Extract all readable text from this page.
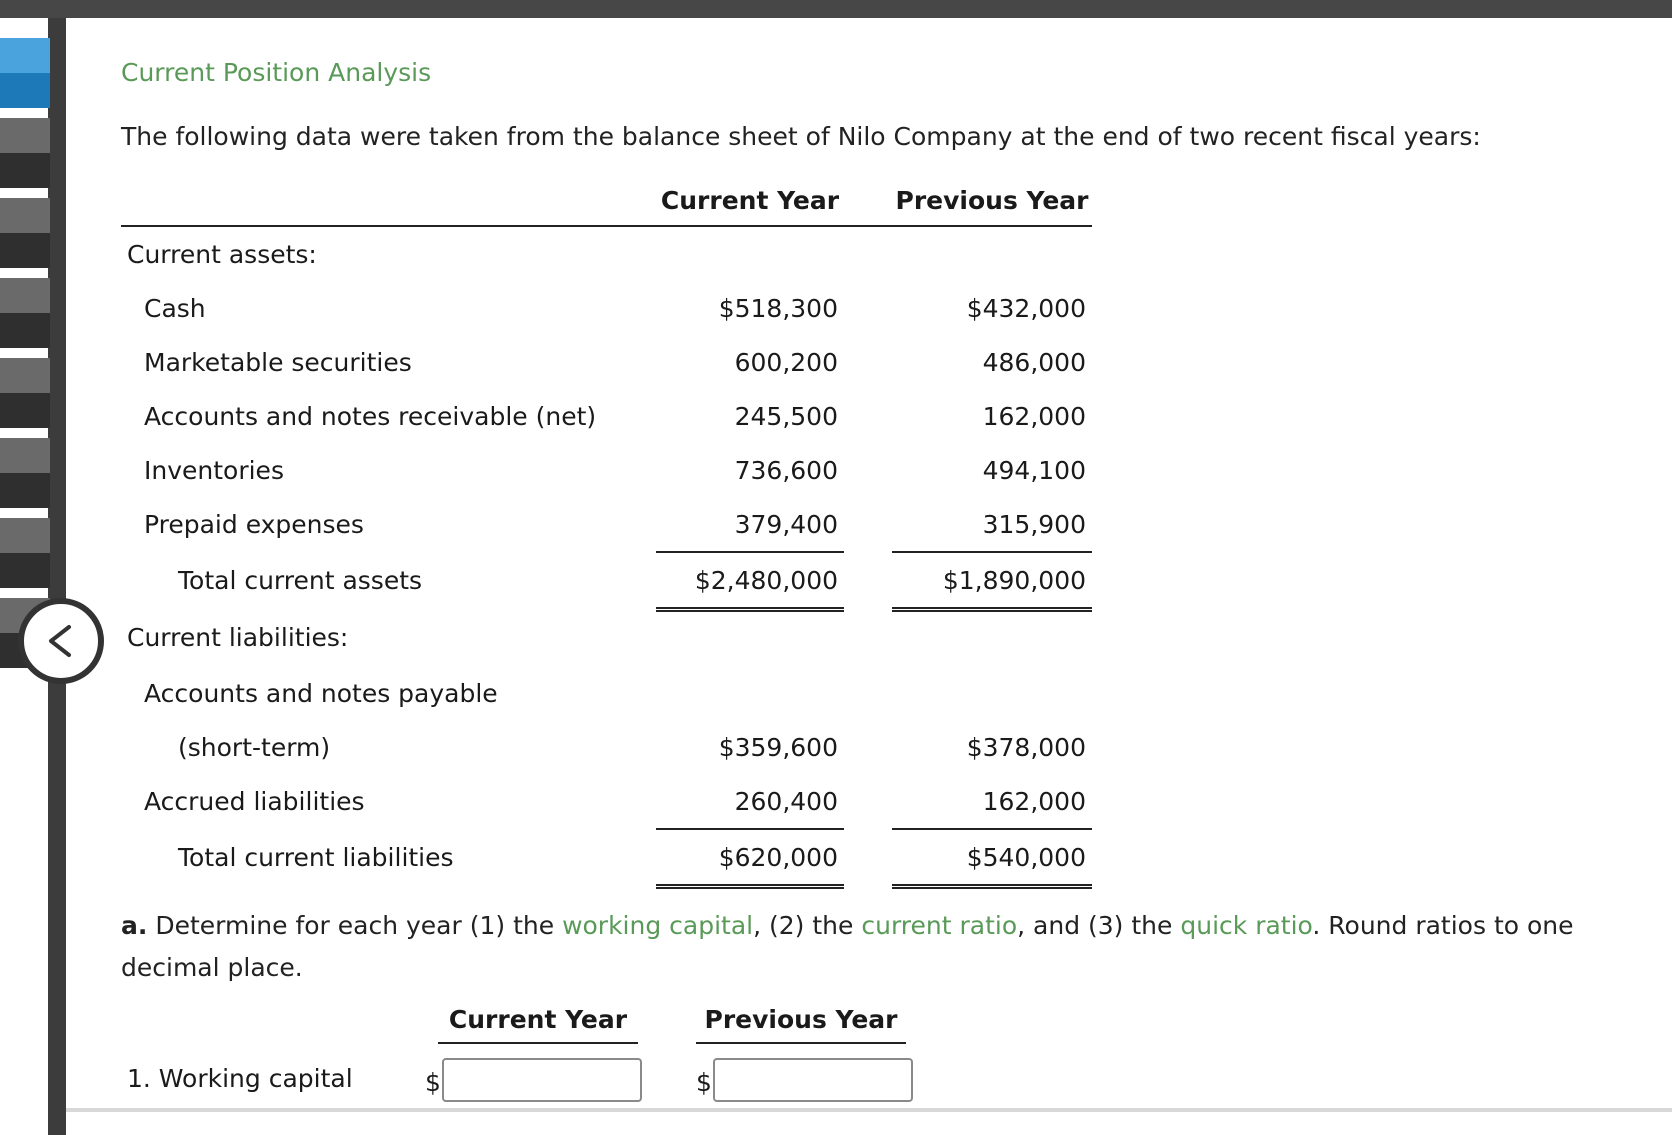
Current Position Analysis
The following data were taken from the balance sheet of Nilo Company at the end of two recent fiscal years:
	Current Year		Previous Year
Current assets:			
Cash	$518,300		$432,000
Marketable securities	600,200		486,000
Accounts and notes receivable (net)	245,500		162,000
Inventories	736,600		494,100
Prepaid expenses	379,400		315,900
Total current assets	$2,480,000		$1,890,000
Current liabilities:			
Accounts and notes payable			
(short-term)	$359,600		$378,000
Accrued liabilities	260,400		162,000
Total current liabilities	$620,000		$540,000
a. Determine for each year (1) the working capital, (2) the current ratio, and (3) the quick ratio. Round ratios to one decimal place.
Current Year	Previous Year
1. Working capital	$	$
